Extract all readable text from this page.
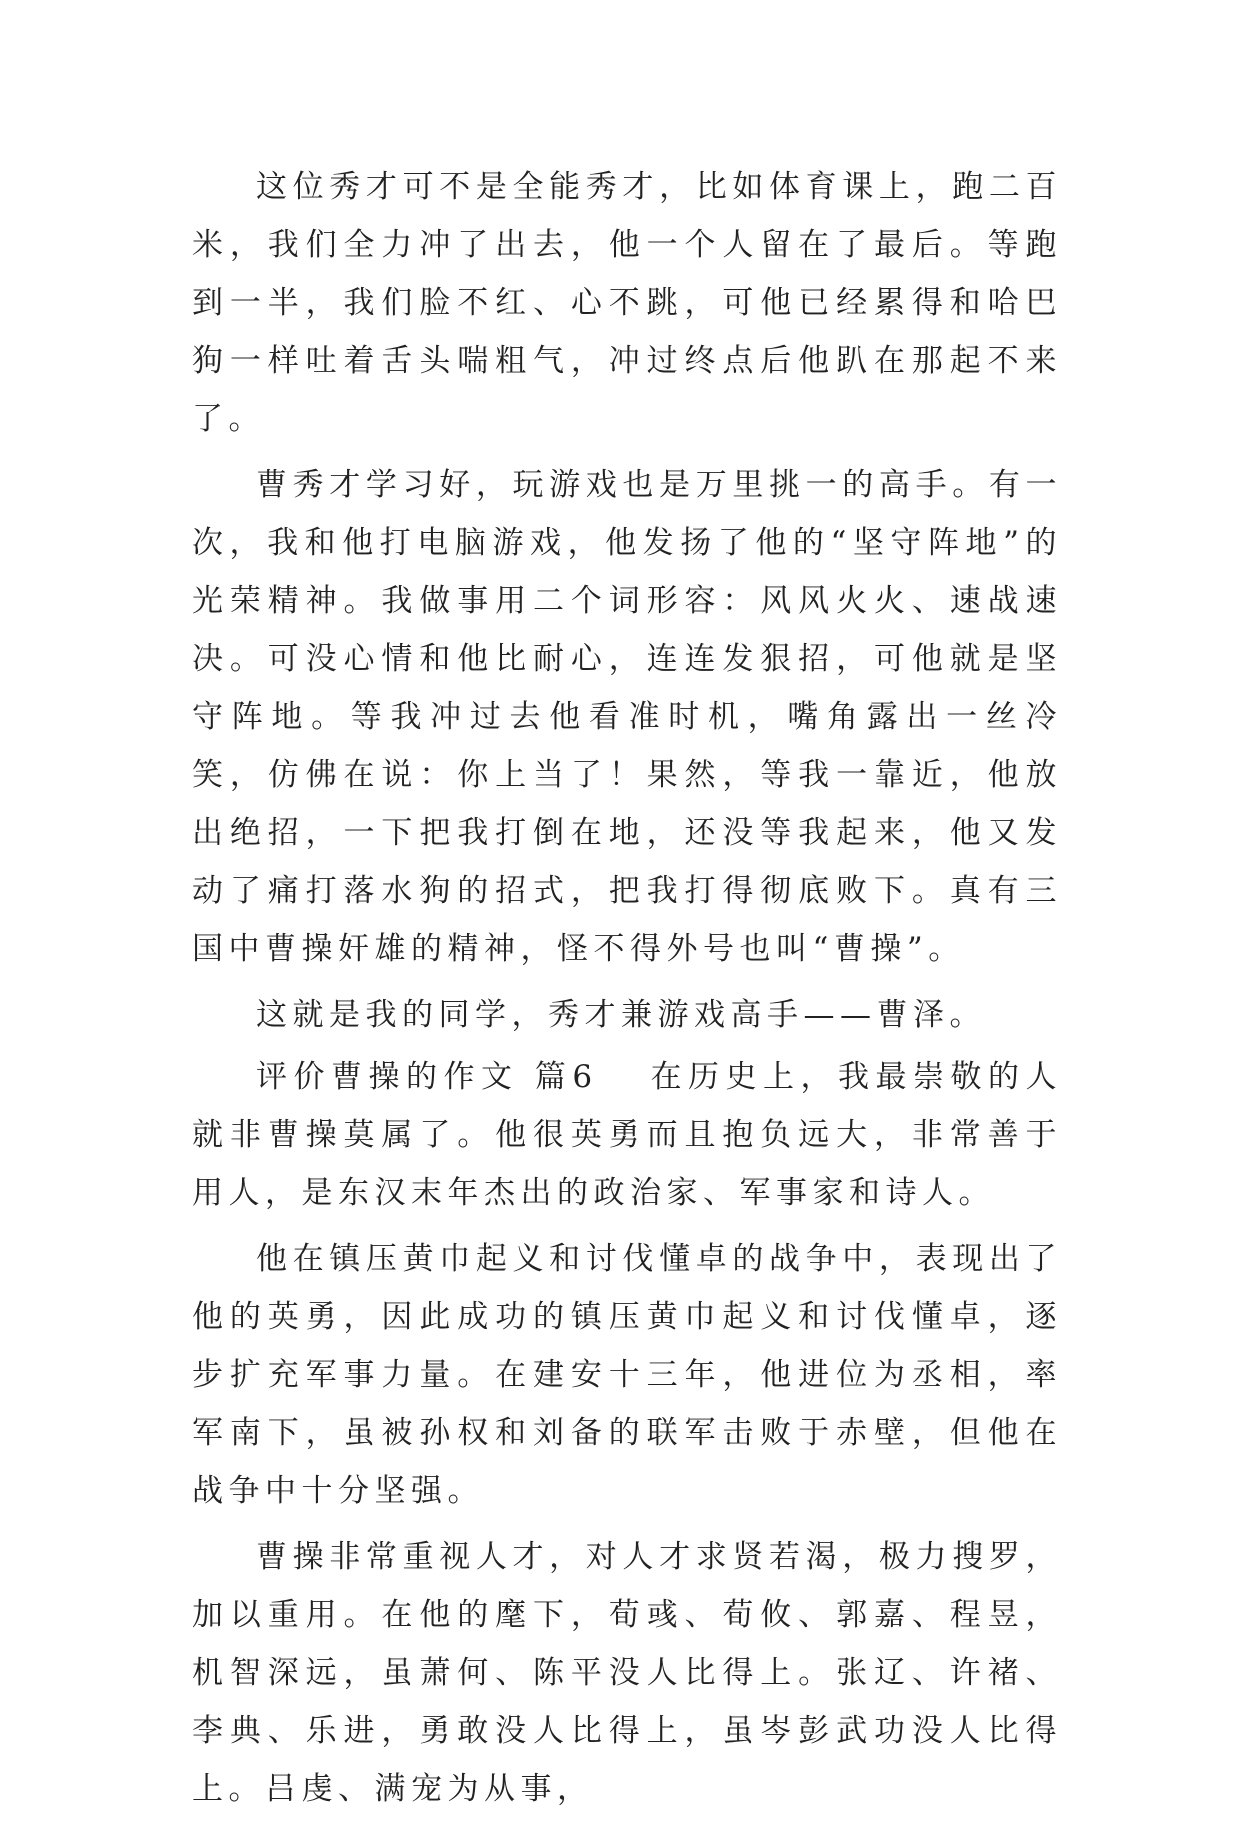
这位秀才可不是全能秀才，比如体育课上，跑二百米，我们全力冲了出去，他一个人留在了最后。等跑到一半，我们脸不红、心不跳，可他已经累得和哈巴狗一样吐着舌头喘粗气，冲过终点后他趴在那起不来了。

曹秀才学习好，玩游戏也是万里挑一的高手。有一次，我和他打电脑游戏，他发扬了他的“坚守阵地”的光荣精神。我做事用二个词形容：风风火火、速战速决。可没心情和他比耐心，连连发狠招，可他就是坚守阵地。等我冲过去他看准时机，嘴角露出一丝冷笑，仿佛在说：你上当了！果然，等我一靠近，他放出绝招，一下把我打倒在地，还没等我起来，他又发动了痛打落水狗的招式，把我打得彻底败下。真有三国中曹操奸雄的精神，怪不得外号也叫“曹操”。

这就是我的同学，秀才兼游戏高手——曹泽。

评价曹操的作文 篇6 在历史上，我最崇敬的人就非曹操莫属了。他很英勇而且抱负远大，非常善于用人，是东汉末年杰出的政治家、军事家和诗人。

他在镇压黄巾起义和讨伐懂卓的战争中，表现出了他的英勇，因此成功的镇压黄巾起义和讨伐懂卓，逐步扩充军事力量。在建安十三年，他进位为丞相，率军南下，虽被孙权和刘备的联军击败于赤壁，但他在战争中十分坚强。

曹操非常重视人才，对人才求贤若渴，极力搜罗，加以重用。在他的麾下，荀彧、荀攸、郭嘉、程昱，机智深远，虽萧何、陈平没人比得上。张辽、许褚、李典、乐进，勇敢没人比得上，虽岑彭武功没人比得上。吕虔、满宠为从事，
